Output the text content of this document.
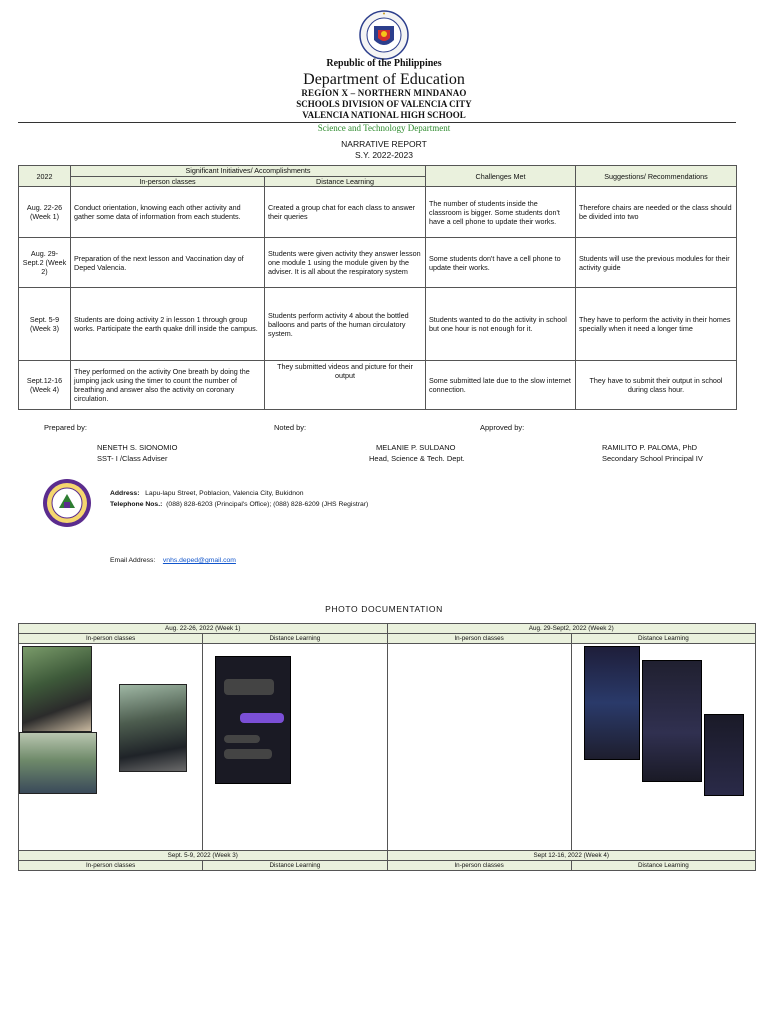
Republic of the Philippines
Department of Education
REGION X – NORTHERN MINDANAO
SCHOOLS DIVISION OF VALENCIA CITY
VALENCIA NATIONAL HIGH SCHOOL
Science and Technology Department
NARRATIVE REPORT
S.Y. 2022-2023
2022	Significant Initiatives/ Accomplishments		Challenges Met	Suggestions/ Recommendations
	In-person classes	Distance Learning		
Aug. 22-26 (Week 1)	Conduct orientation, knowing each other activity and gather some data of information from each students.	Created a group chat for each class to answer their queries	The number of students inside the classroom is bigger. Some students don't have a cell phone to update their works.	Therefore chairs are needed or the class should be divided into two
Aug. 29-Sept.2 (Week 2)	Preparation of the next lesson and Vaccination day of Deped Valencia.	Students were given activity they answer lesson one module 1 using the module given by the adviser. It is all about the respiratory system	Some students don't have a cell phone to update their works.	Students will use the previous modules for their activity guide
Sept. 5-9 (Week 3)	Students are doing activity 2 in lesson 1 through group works. Participate the earth quake drill inside the campus.	Students perform activity 4 about the bottled balloons and parts of the human circulatory system.	Students wanted to do the activity in school but one hour is not enough for it.	They have to perform the activity in their homes specially when it need a longer time
Sept.12-16 (Week 4)	They performed on the activity One breath by doing the jumping jack using the timer to count the number of breathing and answer also the activity on coronary circulation.	They submitted videos and picture for their output	Some submitted late due to the slow internet connection.	They have to submit their output in school during class hour.
Prepared by:	Noted by:	Approved by:
NENETH S. SIONOMIO
SST- I /Class Adviser
MELANIE P. SULDANO
Head, Science & Tech. Dept.
RAMILITO P. PALOMA, PhD
Secondary School Principal IV
Address: Lapu-lapu Street, Poblacion, Valencia City, Bukidnon
Telephone Nos.: (088) 828-6203 (Principal's Office); (088) 828-6209 (JHS Registrar)
Email Address: vnhs.deped@gmail.com
PHOTO DOCUMENTATION
Aug. 22-26, 2022 (Week 1)		Aug. 29-Sept2, 2022 (Week 2)	
In-person classes	Distance Learning	In-person classes	Distance Learning

Sept. 5-9, 2022 (Week 3)		Sept 12-16, 2022 (Week 4)	
In-person classes	Distance Learning	In-person classes	Distance Learning
